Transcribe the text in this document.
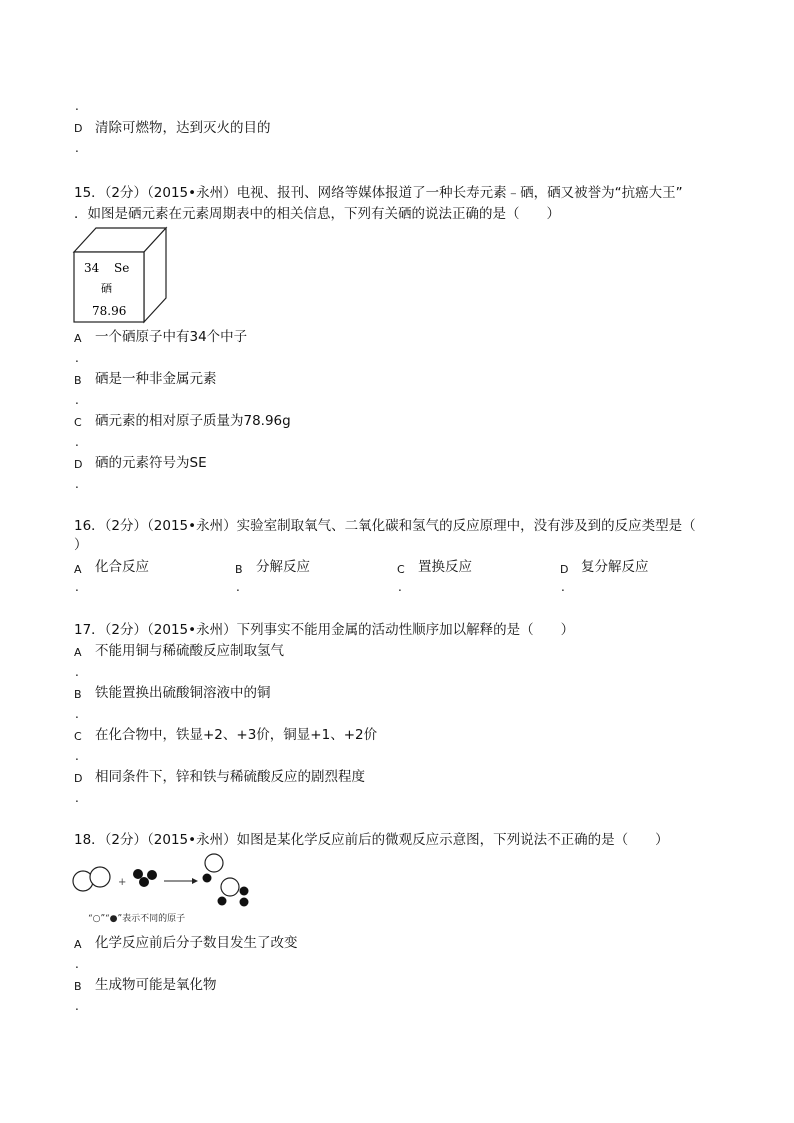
.
D 清除可燃物，达到灭火的目的
.
15．（2分）（2015•永州）电视、报刊、网络等媒体报道了一种长寿元素﹣硒，硒又被誉为“抗癌大王”
．如图是硒元素在元素周期表中的相关信息，下列有关硒的说法正确的是（　　）
34 Se
硒
78.96
A 一个硒原子中有34个中子
.
B 硒是一种非金属元素
.
C 硒元素的相对原子质量为78.96g
.
D 硒的元素符号为SE
.
16．（2分）（2015•永州）实验室制取氧气、二氧化碳和氢气的反应原理中，没有涉及到的反应类型是（
）
A 化合反应
.
B 分解反应
.
C 置换反应
.
D 复分解反应
.
17．（2分）（2015•永州）下列事实不能用金属的活动性顺序加以解释的是（　　）
A 不能用铜与稀硫酸反应制取氢气
.
B 铁能置换出硫酸铜溶液中的铜
.
C 在化合物中，铁显+2、+3价，铜显+1、+2价
.
D 相同条件下，锌和铁与稀硫酸反应的剧烈程度
.
18．（2分）（2015•永州）如图是某化学反应前后的微观反应示意图，下列说法不正确的是（　　）
+
“○”“●”表示不同的原子
A 化学反应前后分子数目发生了改变
.
B 生成物可能是氧化物
.
